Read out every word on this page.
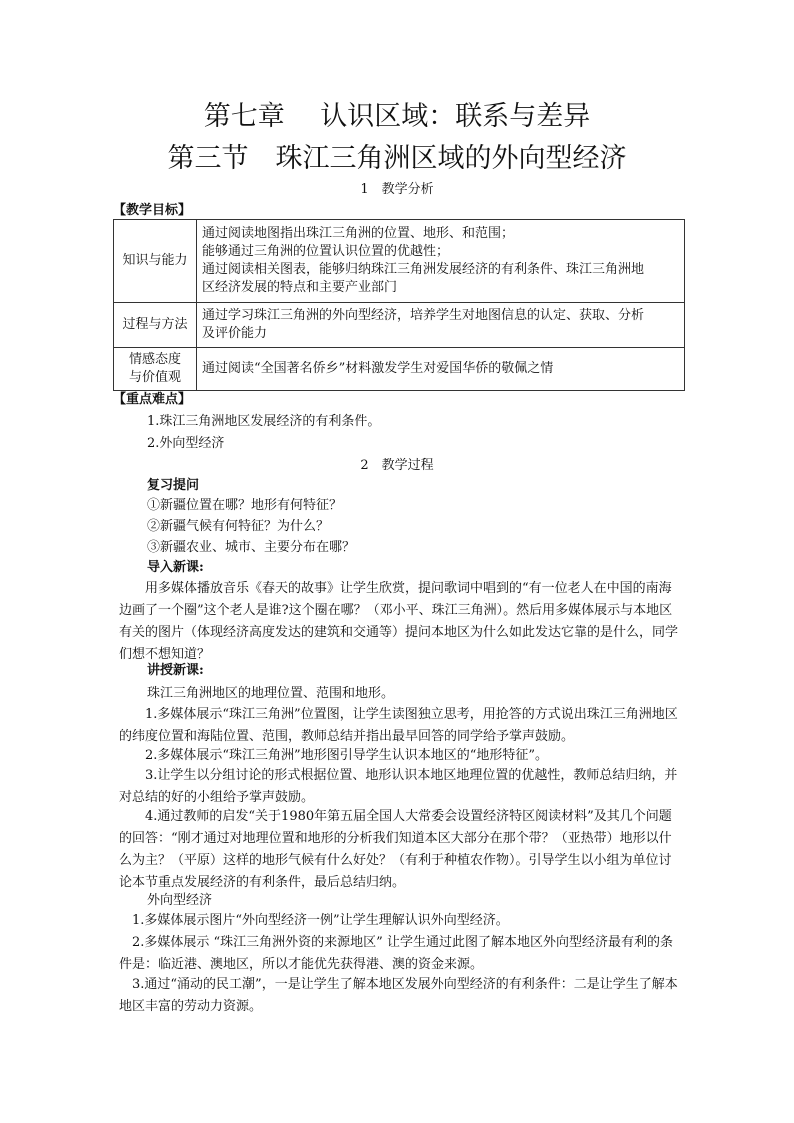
第七章　 认识区域：联系与差异
第三节　珠江三角洲区域的外向型经济
1　教学分析
【教学目标】
知识与能力	通过阅读地图指出珠江三角洲的位置、地形、和范围；
能够通过三角洲的位置认识位置的优越性；
通过阅读相关图表，能够归纳珠江三角洲发展经济的有利条件、珠江三角洲地
区经济发展的特点和主要产业部门

过程与方法	通过学习珠江三角洲的外向型经济，培养学生对地图信息的认定、获取、分析
及评价能力

情感态度
与价值观	通过阅读“全国著名侨乡”材料激发学生对爱国华侨的敬佩之情
【重点难点】
1.珠江三角洲地区发展经济的有利条件。
2.外向型经济
2　教学过程
复习提问
①新疆位置在哪？地形有何特征？
②新疆气候有何特征？为什么？
③新疆农业、城市、主要分布在哪？
导入新课:
　　用多媒体播放音乐《春天的故事》让学生欣赏，提问歌词中唱到的“有一位老人在中国的南海边画了一个圈”这个老人是谁?这个圈在哪？（邓小平、珠江三角洲）。然后用多媒体展示与本地区有关的图片（体现经济高度发达的建筑和交通等）提问本地区为什么如此发达它靠的是什么，同学们想不想知道？
讲授新课:
珠江三角洲地区的地理位置、范围和地形。
　　1.多媒体展示“珠江三角洲”位置图，让学生读图独立思考，用抢答的方式说出珠江三角洲地区的纬度位置和海陆位置、范围，教师总结并指出最早回答的同学给予掌声鼓励。
　　2.多媒体展示“珠江三角洲”地形图引导学生认识本地区的“地形特征”。
　　3.让学生以分组讨论的形式根据位置、地形认识本地区地理位置的优越性，教师总结归纳，并对总结的好的小组给予掌声鼓励。
　　4.通过教师的启发“关于1980年第五届全国人大常委会设置经济特区阅读材料”及其几个问题的回答：“刚才通过对地理位置和地形的分析我们知道本区大部分在那个带？（亚热带）地形以什么为主？（平原）这样的地形气候有什么好处？（有利于种植农作物）。引导学生以小组为单位讨论本节重点发展经济的有利条件，最后总结归纳。
外向型经济
　1.多媒体展示图片“外向型经济一例”让学生理解认识外向型经济。
　2.多媒体展示 “珠江三角洲外资的来源地区” 让学生通过此图了解本地区外向型经济最有利的条件是：临近港、澳地区，所以才能优先获得港、澳的资金来源。
　3.通过“涌动的民工潮”，一是让学生了解本地区发展外向型经济的有利条件：二是让学生了解本地区丰富的劳动力资源。
